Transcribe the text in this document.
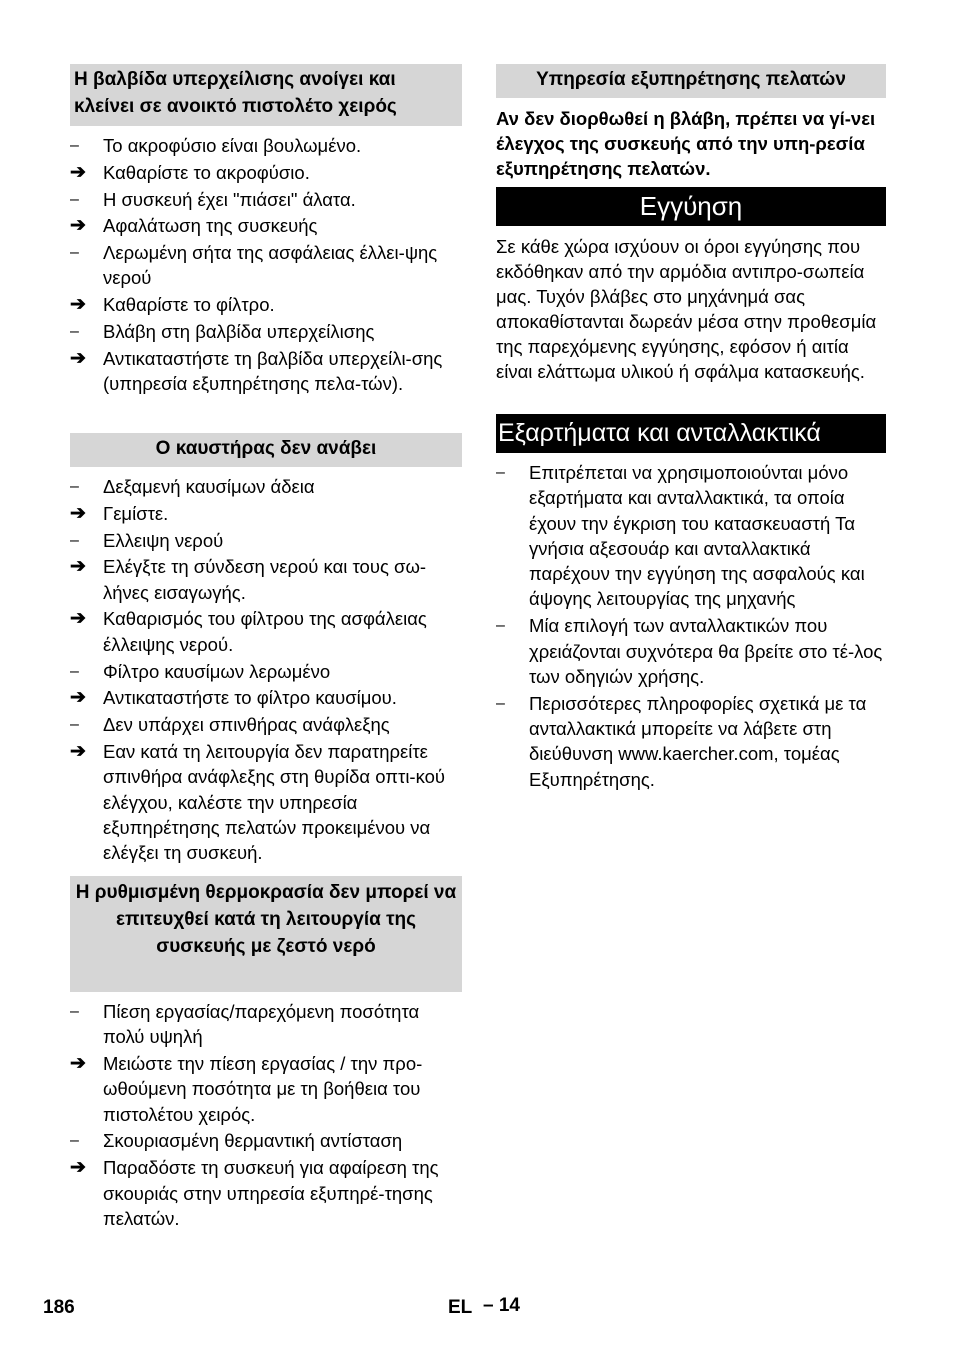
Η βαλβίδα υπερχείλισης ανοίγει και κλείνει σε ανοικτό πιστολέτο χειρός
–	Το ακροφύσιο είναι βουλωμένο.
➔ Καθαρίστε το ακροφύσιο.
–	Η συσκευή έχει "πιάσει" άλατα.
➔ Αφαλάτωση της συσκευής
–	Λερωμένη σήτα της ασφάλειας έλλει-ψης νερού
➔ Καθαρίστε το φίλτρο.
–	Βλάβη στη βαλβίδα υπερχείλισης
➔ Αντικαταστήστε τη βαλβίδα υπερχείλι-σης (υπηρεσία εξυπηρέτησης πελα-τών).
Ο καυστήρας δεν ανάβει
–	Δεξαμενή καυσίμων άδεια
➔ Γεμίστε.
–	Ελλειψη νερού
➔ Ελέγξτε τη σύνδεση νερού και τους σω-λήνες εισαγωγής.
➔ Καθαρισμός του φίλτρου της ασφάλειας έλλειψης νερού.
–	Φίλτρο καυσίμων λερωμένο
➔ Αντικαταστήστε το φίλτρο καυσίμου.
–	Δεν υπάρχει σπινθήρας ανάφλεξης
➔ Εαν κατά τη λειτουργία δεν παρατηρείτε σπινθήρα ανάφλεξης στη θυρίδα οπτι-κού ελέγχου, καλέστε την υπηρεσία εξυπηρέτησης πελατών προκειμένου να ελέγξει τη συσκευή.
Η ρυθμισμένη θερμοκρασία δεν μπορεί να επιτευχθεί κατά τη λειτουργία της συσκευής με ζεστό νερό
–	Πίεση εργασίας/παρεχόμενη ποσότητα πολύ υψηλή
➔ Μειώστε την πίεση εργασίας / την προ-ωθούμενη ποσότητα με τη βοήθεια του πιστολέτου χειρός.
–	Σκουριασμένη θερμαντική αντίσταση
➔ Παραδόστε τη συσκευή για αφαίρεση της σκουριάς στην υπηρεσία εξυπηρέ-τησης πελατών.
Υπηρεσία εξυπηρέτησης πελατών

Αν δεν διορθωθεί η βλάβη, πρέπει να γί-νει έλεγχος της συσκευής από την υπη-ρεσία εξυπηρέτησης πελατών.

Εγγύηση

Σε κάθε χώρα ισχύουν οι όροι εγγύησης που εκδόθηκαν από την αρμόδια αντιπρο-σωπεία μας. Τυχόν βλάβες στο μηχάνημά σας αποκαθίστανται δωρεάν μέσα στην προθεσμία της παρεχόμενης εγγύησης, εφόσον ή αιτία είναι ελάττωμα υλικού ή σφάλμα κατασκευής.

Εξαρτήματα και ανταλλακτικά
–	Επιτρέπεται να χρησιμοποιούνται μόνο εξαρτήματα και ανταλλακτικά, τα οποία έχουν την έγκριση του κατασκευαστή Τα γνήσια αξεσουάρ και ανταλλακτικά παρέχουν την εγγύηση της ασφαλούς και άψογης λειτουργίας της μηχανής
–	Μία επιλογή των ανταλλακτικών που χρειάζονται συχνότερα θα βρείτε στο τέ-λος των οδηγιών χρήσης.
–	Περισσότερες πληροφορίες σχετικά με τα ανταλλακτικά μπορείτε να λάβετε στη διεύθυνση www.kaercher.com, τομέας Εξυπηρέτησης.
186	EL – 14
